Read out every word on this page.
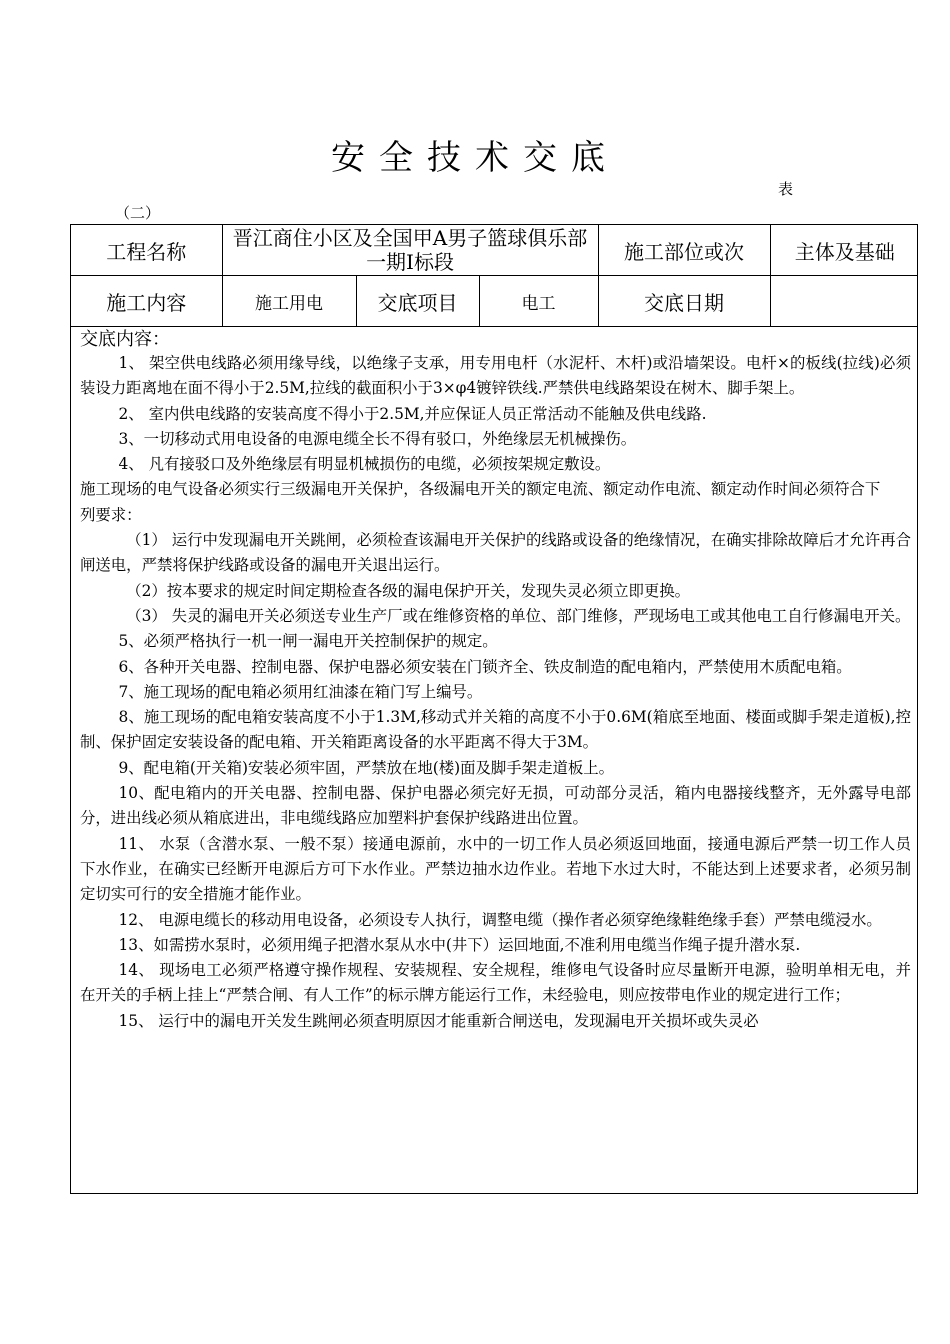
安全技术交底
表
（二）
工程名称	晋江商住小区及全国甲A男子篮球俱乐部一期Ⅰ标段			施工部位或次	主体及基础
施工内容	施工用电	交底项目	电工	交底日期	

交底内容：

1、 架空供电线路必须用缘导线，以绝缘子支承，用专用电杆（水泥杆、木杆)或沿墙架设。电杆×的板线(拉线)必须装设力距离地在面不得小于2.5M,拉线的截面积小于3×φ4镀锌铁线.严禁供电线路架设在树木、脚手架上。

2、 室内供电线路的安装高度不得小于2.5M,并应保证人员正常活动不能触及供电线路.

3、一切移动式用电设备的电源电缆全长不得有驳口，外绝缘层无机械操伤。

4、 凡有接驳口及外绝缘层有明显机械损伤的电缆，必须按架规定敷设。

施工现场的电气设备必须实行三级漏电开关保护，各级漏电开关的额定电流、额定动作电流、额定动作时间必须符合下

列要求：

（1） 运行中发现漏电开关跳闸，必须检查该漏电开关保护的线路或设备的绝缘情况，在确实排除故障后才允许再合闸送电，严禁将保护线路或设备的漏电开关退出运行。

（2）按本要求的规定时间定期检查各级的漏电保护开关，发现失灵必须立即更换。

（3） 失灵的漏电开关必须送专业生产厂或在维修资格的单位、部门维修，严现场电工或其他电工自行修漏电开关。

5、必须严格执行一机一闸一漏电开关控制保护的规定。

6、各种开关电器、控制电器、保护电器必须安装在门锁齐全、铁皮制造的配电箱内，严禁使用木质配电箱。

7、施工现场的配电箱必须用红油漆在箱门写上编号。

8、施工现场的配电箱安装高度不小于1.3M,移动式并关箱的高度不小于0.6M(箱底至地面、楼面或脚手架走道板),控制、保护固定安装设备的配电箱、开关箱距离设备的水平距离不得大于3M。

9、配电箱(开关箱)安装必须牢固，严禁放在地(楼)面及脚手架走道板上。

10、配电箱内的开关电器、控制电器、保护电器必须完好无损，可动部分灵活，箱内电器接线整齐，无外露导电部分，进出线必须从箱底进出，非电缆线路应加塑料护套保护线路进出位置。

11、 水泵（含潜水泵、一般不泵）接通电源前，水中的一切工作人员必须返回地面，接通电源后严禁一切工作人员下水作业，在确实已经断开电源后方可下水作业。严禁边抽水边作业。若地下水过大时，不能达到上述要求者，必须另制定切实可行的安全措施才能作业。

12、 电源电缆长的移动用电设备，必须设专人执行，调整电缆（操作者必须穿绝缘鞋绝缘手套）严禁电缆浸水。

13、如需捞水泵时，必须用绳子把潜水泵从水中(井下）运回地面,不准利用电缆当作绳子提升潜水泵.

14、 现场电工必须严格遵守操作规程、安装规程、安全规程，维修电气设备时应尽量断开电源，验明单相无电，并在开关的手柄上挂上“严禁合闸、有人工作”的标示牌方能运行工作，未经验电，则应按带电作业的规定进行工作；

15、 运行中的漏电开关发生跳闸必须查明原因才能重新合闸送电，发现漏电开关损坏或失灵必
